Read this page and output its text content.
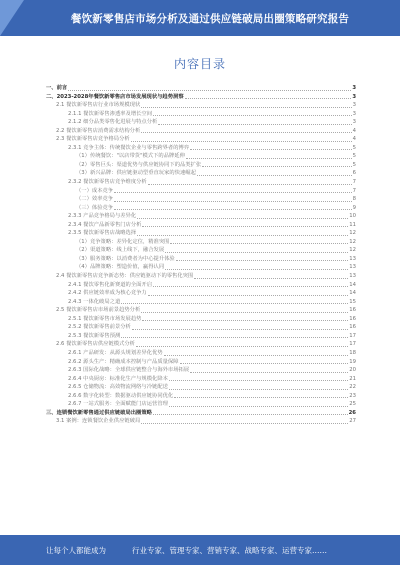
餐饮新零售店市场分析及通过供应链破局出圈策略研究报告
内容目录
一、前言	3
二、2023-2028年餐饮新零售店市场发展现状与趋势洞察	3
2.1 餐饮新零售店行业市场规模现状	3
2.1.1 餐饮新零售渗透率及增长空间	3
2.1.2 细分品类零售化进展与特点分析	3
2.2 餐饮新零售店消费需求结构分析	4
2.3 餐饮新零售店竞争格局分析	4
2.3.1 竞争主体：传统餐饮企业与零售跨界者的博弈	5
（1）传统餐饮："以店带货"模式下的品牌延伸	5
（2）零售巨头：渠道优势与供应链协同下的品类扩张	5
（3）新兴品牌：供应链驱动型垂直玩家的快速崛起	6
2.3.2 餐饮新零售店竞争维度分析	7
（一）成本竞争	7
（二）效率竞争	8
（三）体验竞争	9
2.3.3 产品竞争格局与差异化	10
2.3.4 餐饮产品新零售门店分析	11
2.3.5 餐饮新零售店战略选择	12
（1）竞争策略：差异化定位，精准突围	12
（2）渠道策略：线上线下，融合发展	12
（3）服务策略：以消费者为中心提升体验	13
（4）品牌策略：塑造价值，赢得认同	13
2.4 餐饮新零售店竞争新态势：供应链驱动下的零售化突围	13
2.4.1 餐饮零售化新赛道的全面开启	14
2.4.2 供应链效率成为核心竞争力	14
2.4.3 一体化破局之道	15
2.5 餐饮新零售店市场前景趋势分析	16
2.5.1 餐饮新零售市场发展趋势	16
2.5.2 餐饮新零售前景分析	16
2.5.3 餐饮新零售预测	17
2.6 餐饮新零售店供应链模式分析	17
2.6.1 产品研发：从源头规划差异化优势	18
2.6.2 源头生产：精确成本控制与产品质量保障	19
2.6.3 国际化战略：全球供应链整合与海外市场拓展	20
2.6.4 中央厨房：标准化生产与规模化降本	21
2.6.5 仓储物流：高效物流网络与冷链配送	22
2.6.6 数字化转型：数据驱动供应链协同优化	23
2.6.7 一站式服务：全面赋能门店运营管理	25
三、连锁餐饮新零售通过供应链破局出圈策略	26
3.1 案例：连锁餐饮企业供应链破局	27
让每个人都能成为	行业专家、管理专家、营销专家、战略专家、运营专家……
